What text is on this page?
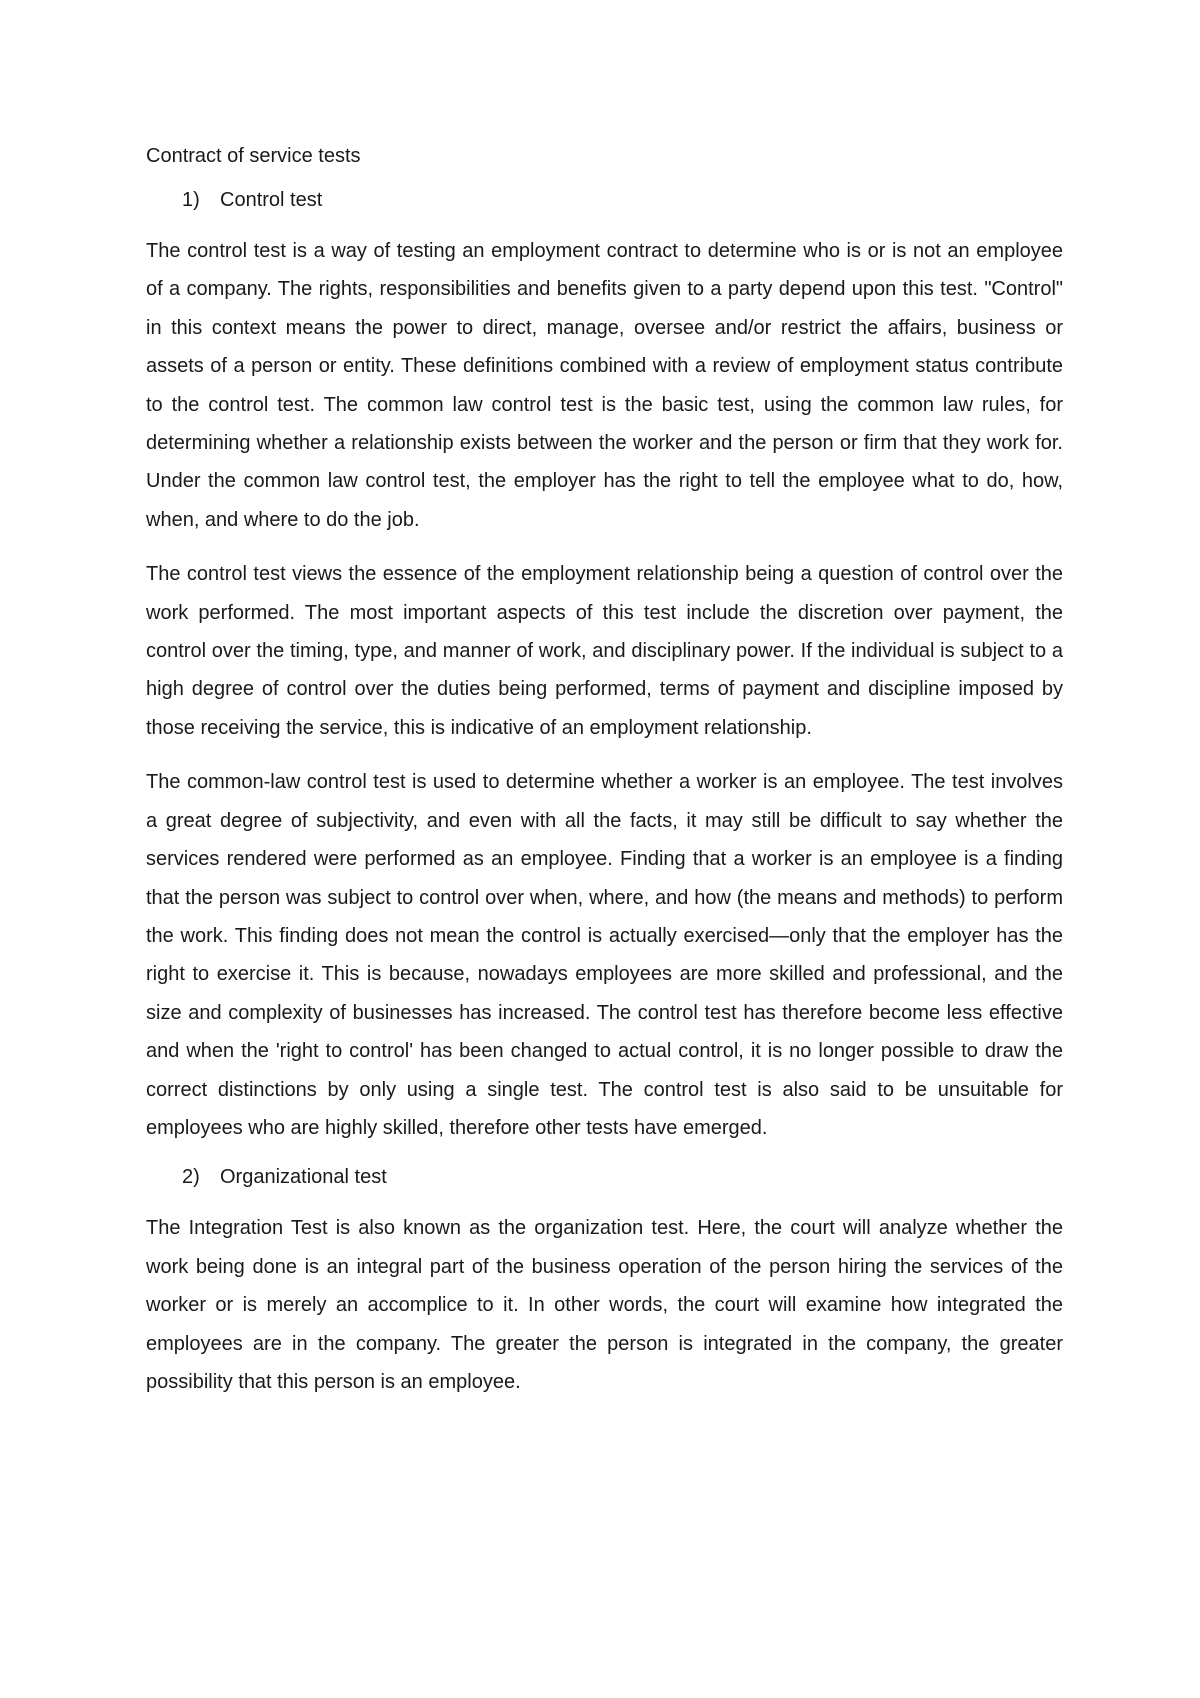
Contract of service tests

1)	Control test

The control test is a way of testing an employment contract to determine who is or is not an employee of a company. The rights, responsibilities and benefits given to a party depend upon this test. "Control" in this context means the power to direct, manage, oversee and/or restrict the affairs, business or assets of a person or entity. These definitions combined with a review of employment status contribute to the control test. The common law control test is the basic test, using the common law rules, for determining whether a relationship exists between the worker and the person or firm that they work for. Under the common law control test, the employer has the right to tell the employee what to do, how, when, and where to do the job.

The control test views the essence of the employment relationship being a question of control over the work performed. The most important aspects of this test include the discretion over payment, the control over the timing, type, and manner of work, and disciplinary power. If the individual is subject to a high degree of control over the duties being performed, terms of payment and discipline imposed by those receiving the service, this is indicative of an employment relationship.

The common-law control test is used to determine whether a worker is an employee. The test involves a great degree of subjectivity, and even with all the facts, it may still be difficult to say whether the services rendered were performed as an employee. Finding that a worker is an employee is a finding that the person was subject to control over when, where, and how (the means and methods) to perform the work. This finding does not mean the control is actually exercised—only that the employer has the right to exercise it. This is because, nowadays employees are more skilled and professional, and the size and complexity of businesses has increased. The control test has therefore become less effective and when the 'right to control' has been changed to actual control, it is no longer possible to draw the correct distinctions by only using a single test. The control test is also said to be unsuitable for employees who are highly skilled, therefore other tests have emerged.

2)	Organizational test

The Integration Test is also known as the organization test. Here, the court will analyze whether the work being done is an integral part of the business operation of the person hiring the services of the worker or is merely an accomplice to it. In other words, the court will examine how integrated the employees are in the company. The greater the person is integrated in the company, the greater possibility that this person is an employee.
